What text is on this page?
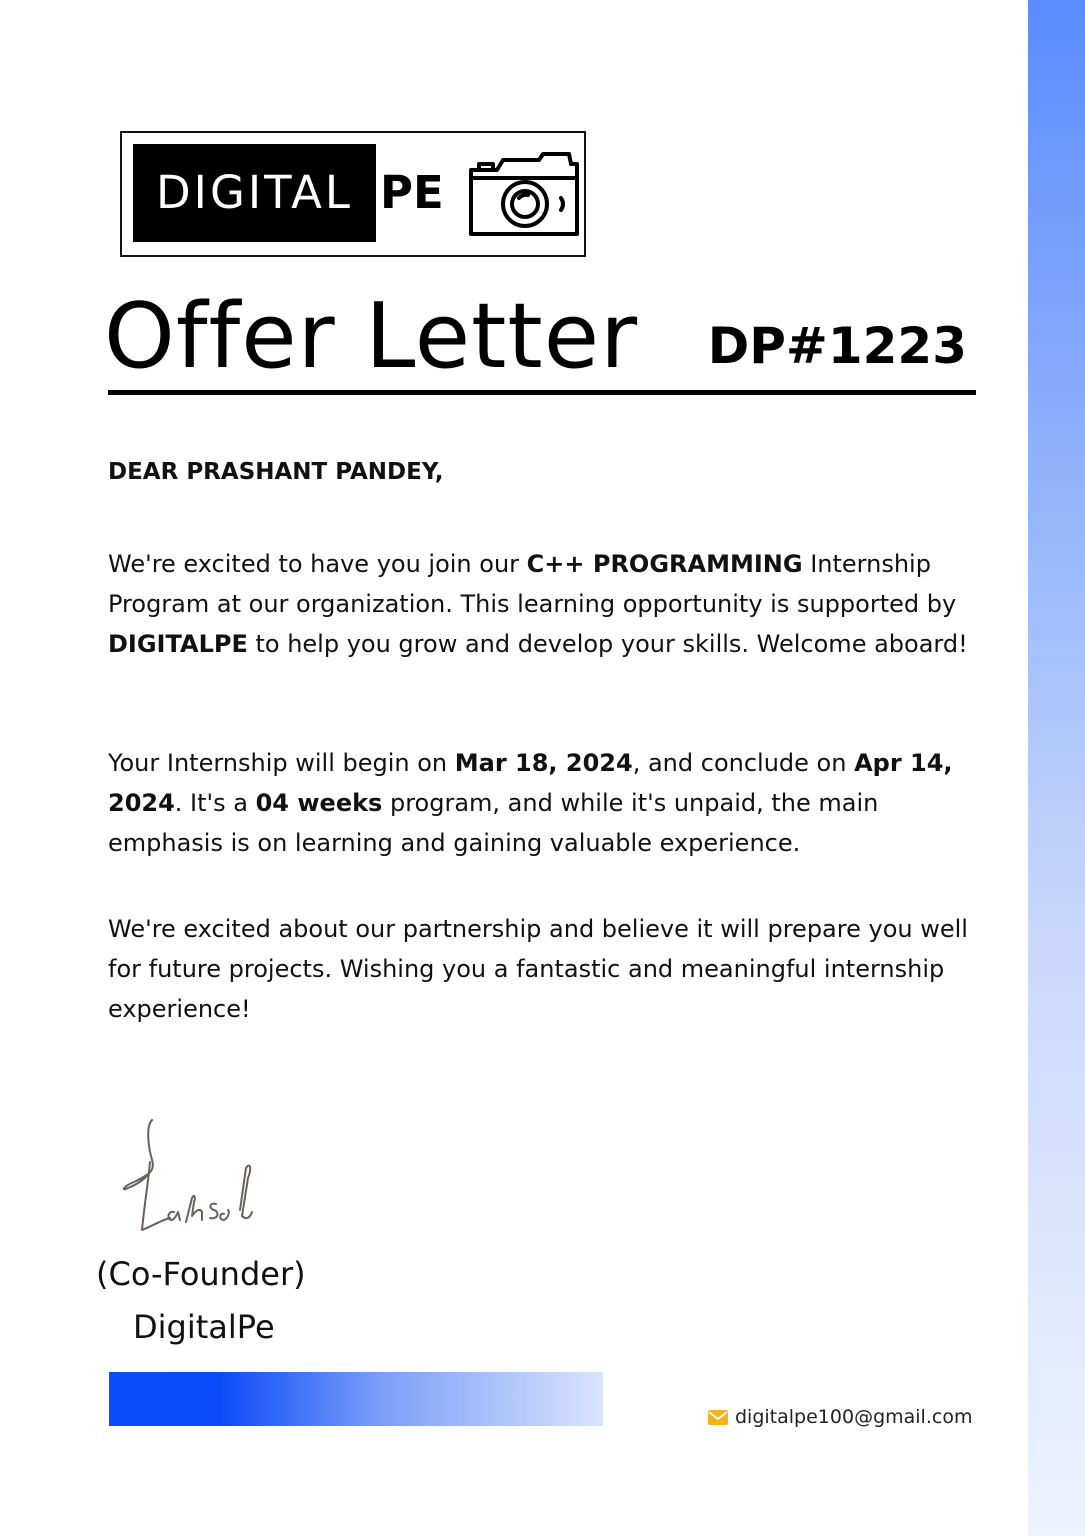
DIGITAL PE
Offer Letter DP#1223
DEAR PRASHANT PANDEY,
We're excited to have you join our C++ PROGRAMMING Internship Program at our organization. This learning opportunity is supported by DIGITALPE to help you grow and develop your skills. Welcome aboard!
Your Internship will begin on Mar 18, 2024, and conclude on Apr 14, 2024. It's a 04 weeks program, and while it's unpaid, the main emphasis is on learning and gaining valuable experience.
We're excited about our partnership and believe it will prepare you well for future projects. Wishing you a fantastic and meaningful internship experience!
(Co-Founder)
DigitalPe
digitalpe100@gmail.com
